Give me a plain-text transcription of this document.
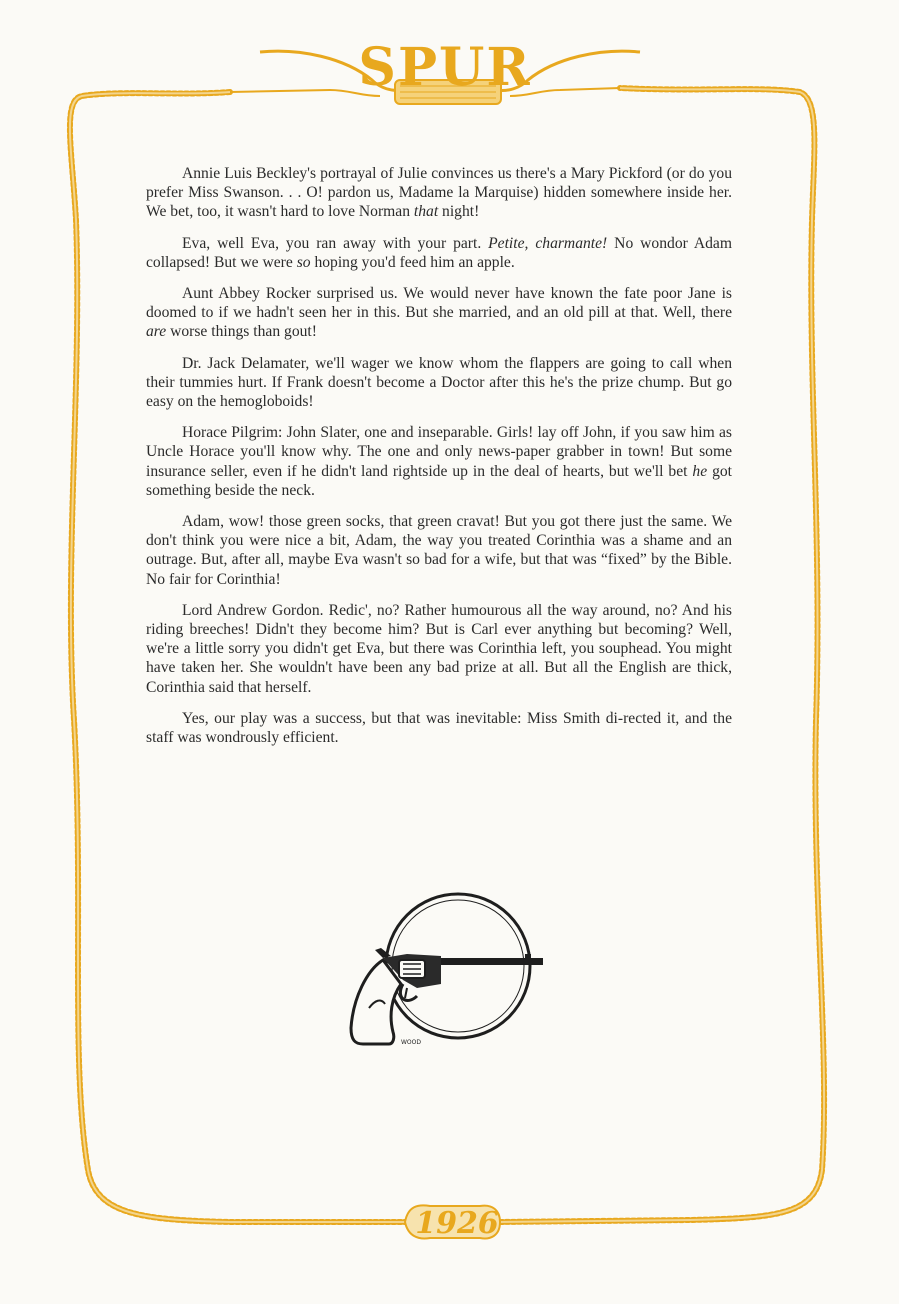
SPUR
1926

Annie Luis Beckley's portrayal of Julie convinces us there's a Mary Pickford (or do you prefer Miss Swanson. . . O! pardon us, Madame la Marquise) hidden somewhere inside her. We bet, too, it wasn't hard to love Norman that night!

Eva, well Eva, you ran away with your part. Petite, charmante! No wondor Adam collapsed! But we were so hoping you'd feed him an apple.

Aunt Abbey Rocker surprised us. We would never have known the fate poor Jane is doomed to if we hadn't seen her in this. But she married, and an old pill at that. Well, there are worse things than gout!

Dr. Jack Delamater, we'll wager we know whom the flappers are going to call when their tummies hurt. If Frank doesn't become a Doctor after this he's the prize chump. But go easy on the hemogloboids!

Horace Pilgrim: John Slater, one and inseparable. Girls! lay off John, if you saw him as Uncle Horace you'll know why. The one and only news-paper grabber in town! But some insurance seller, even if he didn't land rightside up in the deal of hearts, but we'll bet he got something beside the neck.

Adam, wow! those green socks, that green cravat! But you got there just the same. We don't think you were nice a bit, Adam, the way you treated Corinthia was a shame and an outrage. But, after all, maybe Eva wasn't so bad for a wife, but that was “fixed” by the Bible. No fair for Corinthia!

Lord Andrew Gordon. Redic', no? Rather humourous all the way around, no? And his riding breeches! Didn't they become him? But is Carl ever anything but becoming? Well, we're a little sorry you didn't get Eva, but there was Corinthia left, you souphead. You might have taken her. She wouldn't have been any bad prize at all. But all the English are thick, Corinthia said that herself.

Yes, our play was a success, but that was inevitable: Miss Smith di-rected it, and the staff was wondrously efficient.

WOOD
